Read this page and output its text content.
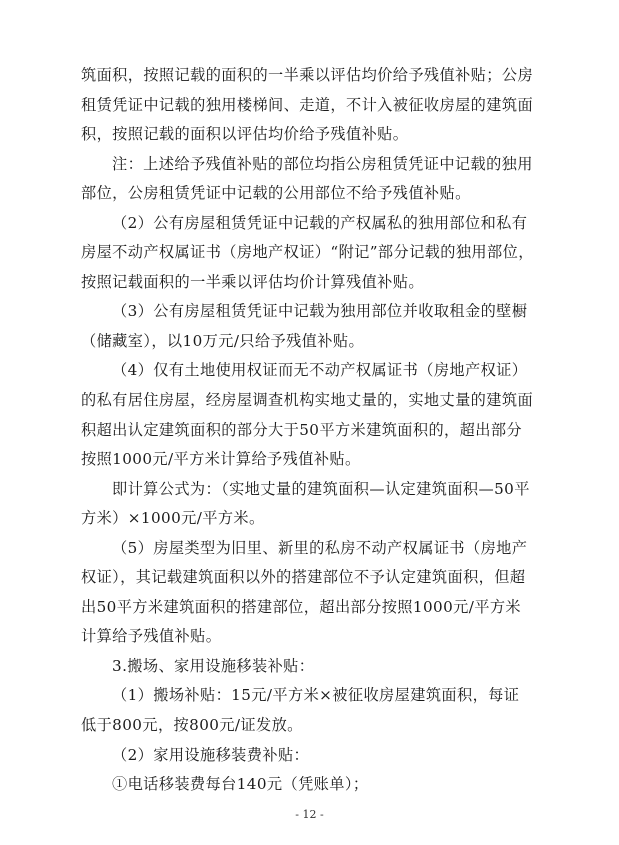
筑面积，按照记载的面积的一半乘以评估均价给予残值补贴；公房
租赁凭证中记载的独用楼梯间、走道，不计入被征收房屋的建筑面
积，按照记载的面积以评估均价给予残值补贴。
注：上述给予残值补贴的部位均指公房租赁凭证中记载的独用
部位，公房租赁凭证中记载的公用部位不给予残值补贴。
（2）公有房屋租赁凭证中记载的产权属私的独用部位和私有
房屋不动产权属证书（房地产权证）“附记”部分记载的独用部位，
按照记载面积的一半乘以评估均价计算残值补贴。
（3）公有房屋租赁凭证中记载为独用部位并收取租金的壁橱
（储藏室），以10万元/只给予残值补贴。
（4）仅有土地使用权证而无不动产权属证书（房地产权证）
的私有居住房屋，经房屋调查机构实地丈量的，实地丈量的建筑面
积超出认定建筑面积的部分大于50平方米建筑面积的，超出部分
按照1000元/平方米计算给予残值补贴。
即计算公式为：（实地丈量的建筑面积—认定建筑面积—50平
方米）×1000元/平方米。
（5）房屋类型为旧里、新里的私房不动产权属证书（房地产
权证），其记载建筑面积以外的搭建部位不予认定建筑面积，但超
出50平方米建筑面积的搭建部位，超出部分按照1000元/平方米
计算给予残值补贴。
3.搬场、家用设施移装补贴：
（1）搬场补贴：15元/平方米×被征收房屋建筑面积，每证
低于800元，按800元/证发放。
（2）家用设施移装费补贴：
①电话移装费每台140元（凭账单）；
- 12 -
